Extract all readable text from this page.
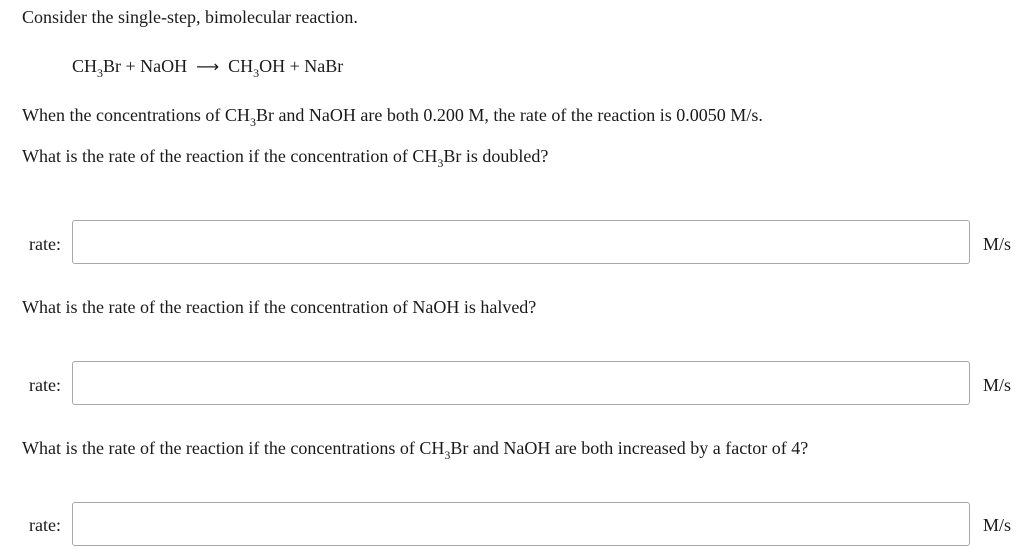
Consider the single-step, bimolecular reaction.
$CH_3Br$ + NaOH ⟶ $CH_3OH$ + NaBr
When the concentrations of $CH_3Br$ and NaOH are both 0.200 M, the rate of the reaction is 0.0050 M/s.
What is the rate of the reaction if the concentration of $CH_3Br$ is doubled?
rate:	M/s
What is the rate of the reaction if the concentration of NaOH is halved?
rate:	M/s
What is the rate of the reaction if the concentrations of $CH_3Br$ and NaOH are both increased by a factor of 4?
rate:	M/s
